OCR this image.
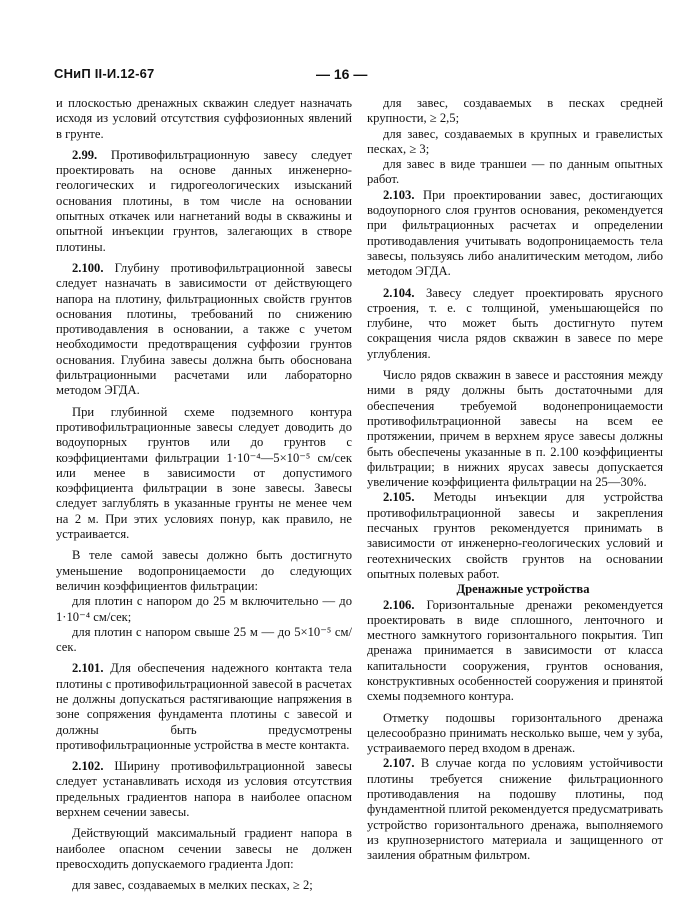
СНиП II-И.12-67	— 16 —

и плоскостью дренажных скважин следует назначать исходя из условий отсутствия суффозионных явлений в грунте.

2.99. Противофильтрационную завесу следует проектировать на основе данных инженерно-геологических и гидрогеологических изысканий основания плотины, в том числе на основании опытных откачек или нагнетаний воды в скважины и опытной инъекции грунтов, залегающих в створе плотины.

2.100. Глубину противофильтрационной завесы следует назначать в зависимости от действующего напора на плотину, фильтрационных свойств грунтов основания плотины, требований по снижению противодавления в основании, а также с учетом необходимости предотвращения суффозии грунтов основания. Глубина завесы должна быть обоснована фильтрационными расчетами или лабораторно методом ЭГДА.

При глубинной схеме подземного контура противофильтрационные завесы следует доводить до водоупорных грунтов или до грунтов с коэффициентами фильтрации 1·10⁻⁴—5×10⁻⁵ см/сек или менее в зависимости от допустимого коэффициента фильтрации в зоне завесы. Завесы следует заглублять в указанные грунты не менее чем на 2 м. При этих условиях понур, как правило, не устраивается.

В теле самой завесы должно быть достигнуто уменьшение водопроницаемости до следующих величин коэффициентов фильтрации:

для плотин с напором до 25 м включительно — до 1·10⁻⁴ см/сек;

для плотин с напором свыше 25 м — до 5×10⁻⁵ см/сек.

2.101. Для обеспечения надежного контакта тела плотины с противофильтрационной завесой в расчетах не должны допускаться растягивающие напряжения в зоне сопряжения фундамента плотины с завесой и должны быть предусмотрены противофильтрационные устройства в месте контакта.

2.102. Ширину противофильтрационной завесы следует устанавливать исходя из условия отсутствия предельных градиентов напора в наиболее опасном верхнем сечении завесы.

Действующий максимальный градиент напора в наиболее опасном сечении завесы не должен превосходить допускаемого градиента Jдоп:

для завес, создаваемых в мелких песках, ≥ 2;

для завес, создаваемых в песках средней крупности, ≥ 2,5;

для завес, создаваемых в крупных и гравелистых песках, ≥ 3;

для завес в виде траншеи — по данным опытных работ.

2.103. При проектировании завес, достигающих водоупорного слоя грунтов основания, рекомендуется при фильтрационных расчетах и определении противодавления учитывать водопроницаемость тела завесы, пользуясь либо аналитическим методом, либо методом ЭГДА.

2.104. Завесу следует проектировать ярусного строения, т. е. с толщиной, уменьшающейся по глубине, что может быть достигнуто путем сокращения числа рядов скважин в завесе по мере углубления.

Число рядов скважин в завесе и расстояния между ними в ряду должны быть достаточными для обеспечения требуемой водонепроницаемости противофильтрационной завесы на всем ее протяжении, причем в верхнем ярусе завесы должны быть обеспечены указанные в п. 2.100 коэффициенты фильтрации; в нижних ярусах завесы допускается увеличение коэффициента фильтрации на 25—30%.

2.105. Методы инъекции для устройства противофильтрационной завесы и закрепления песчаных грунтов рекомендуется принимать в зависимости от инженерно-геологических условий и геотехнических свойств грунтов на основании опытных полевых работ.

Дренажные устройства

2.106. Горизонтальные дренажи рекомендуется проектировать в виде сплошного, ленточного и местного замкнутого горизонтального покрытия. Тип дренажа принимается в зависимости от класса капитальности сооружения, грунтов основания, конструктивных особенностей сооружения и принятой схемы подземного контура.

Отметку подошвы горизонтального дренажа целесообразно принимать несколько выше, чем у зуба, устраиваемого перед входом в дренаж.

2.107. В случае когда по условиям устойчивости плотины требуется снижение фильтрационного противодавления на подошву плотины, под фундаментной плитой рекомендуется предусматривать устройство горизонтального дренажа, выполняемого из крупнозернистого материала и защищенного от заиления обратным фильтром.
